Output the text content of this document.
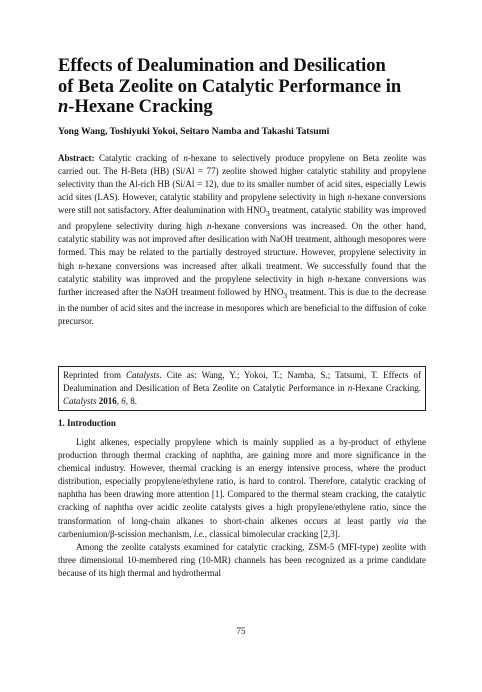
Effects of Dealumination and Desilication
of Beta Zeolite on Catalytic Performance in
n-Hexane Cracking
Yong Wang, Toshiyuki Yokoi, Seitaro Namba and Takashi Tatsumi

Abstract: Catalytic cracking of n-hexane to selectively produce propylene on Beta zeolite was carried out. The H-Beta (HB) (Si/Al = 77) zeolite showed higher catalytic stability and propylene selectivity than the Al-rich HB (Si/Al = 12), due to its smaller number of acid sites, especially Lewis acid sites (LAS). However, catalytic stability and propylene selectivity in high n-hexane conversions were still not satisfactory. After dealumination with $HNO_3$ treatment, catalytic stability was improved and propylene selectivity during high n-hexane conversions was increased. On the other hand, catalytic stability was not improved after desilication with NaOH treatment, although mesopores were formed. This may be related to the partially destroyed structure. However, propylene selectivity in high n-hexane conversions was increased after alkali treatment. We successfully found that the catalytic stability was improved and the propylene selectivity in high n-hexane conversions was further increased after the NaOH treatment followed by $HNO_3$ treatment. This is due to the decrease in the number of acid sites and the increase in mesopores which are beneficial to the diffusion of coke precursor.

Reprinted from Catalysts. Cite as: Wang, Y.; Yokoi, T.; Namba, S.; Tatsumi, T. Effects of Dealumination and Desilication of Beta Zeolite on Catalytic Performance in n-Hexane Cracking. Catalysts 2016, 6, 8.
1. Introduction

Light alkenes, especially propylene which is mainly supplied as a by-product of ethylene production through thermal cracking of naphtha, are gaining more and more significance in the chemical industry. However, thermal cracking is an energy intensive process, where the product distribution, especially propylene/ethylene ratio, is hard to control. Therefore, catalytic cracking of naphtha has been drawing more attention [1]. Compared to the thermal steam cracking, the catalytic cracking of naphtha over acidic zeolite catalysts gives a high propylene/ethylene ratio, since the transformation of long-chain alkanes to short-chain alkenes occurs at least partly via the carbeniumion/β-scission mechanism, i.e., classical bimolecular cracking [2,3].

Among the zeolite catalysts examined for catalytic cracking, ZSM-5 (MFI-type) zeolite with three dimensional 10-membered ring (10-MR) channels has been recognized as a prime candidate because of its high thermal and hydrothermal

75
